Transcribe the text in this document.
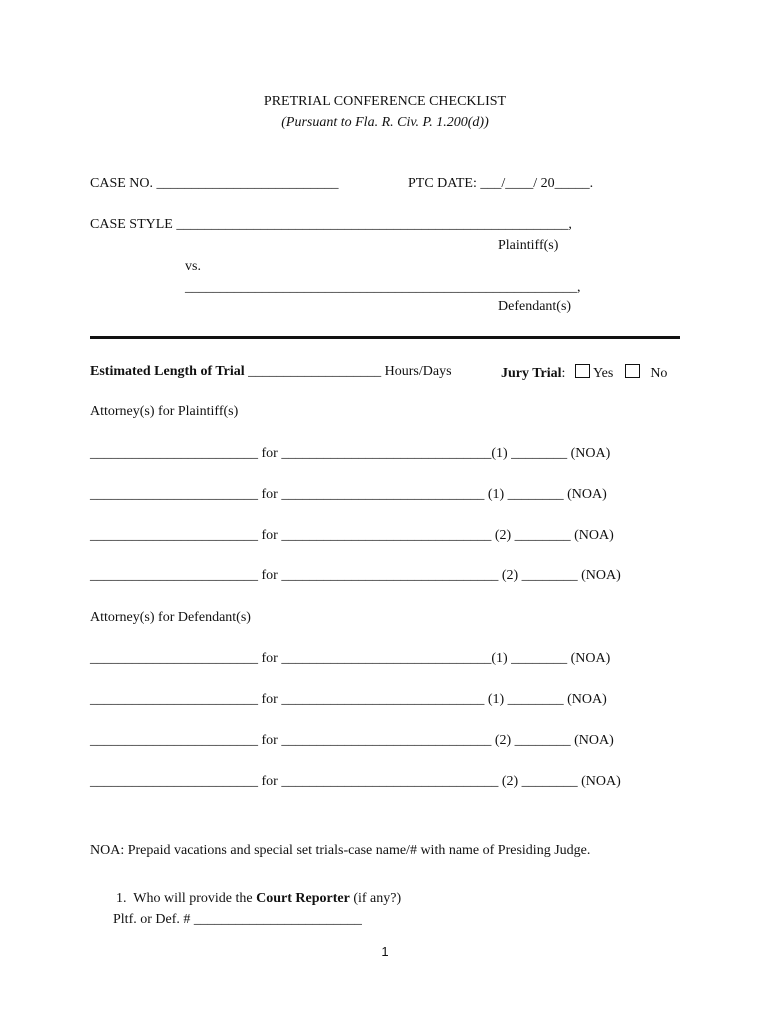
PRETRIAL CONFERENCE CHECKLIST
(Pursuant to Fla. R. Civ. P. 1.200(d))
CASE NO. __________________________	PTC DATE: ___/____/ 20_____.
CASE STYLE ________________________________________________________,
Plaintiff(s)
vs.
________________________________________________________,
Defendant(s)
Estimated Length of Trial ___________________ Hours/Days	Jury Trial: Yes	No
Attorney(s) for Plaintiff(s)
________________________ for ______________________________(1) ________ (NOA)
________________________ for _____________________________ (1) ________ (NOA)
________________________ for ______________________________ (2) ________ (NOA)
________________________ for _______________________________ (2) ________ (NOA)
Attorney(s) for Defendant(s)
________________________ for ______________________________(1) ________ (NOA)
________________________ for _____________________________ (1) ________ (NOA)
________________________ for ______________________________ (2) ________ (NOA)
________________________ for _______________________________ (2) ________ (NOA)
NOA: Prepaid vacations and special set trials-case name/# with name of Presiding Judge.
1. Who will provide the Court Reporter (if any?)
Pltf. or Def. # ________________________
1
